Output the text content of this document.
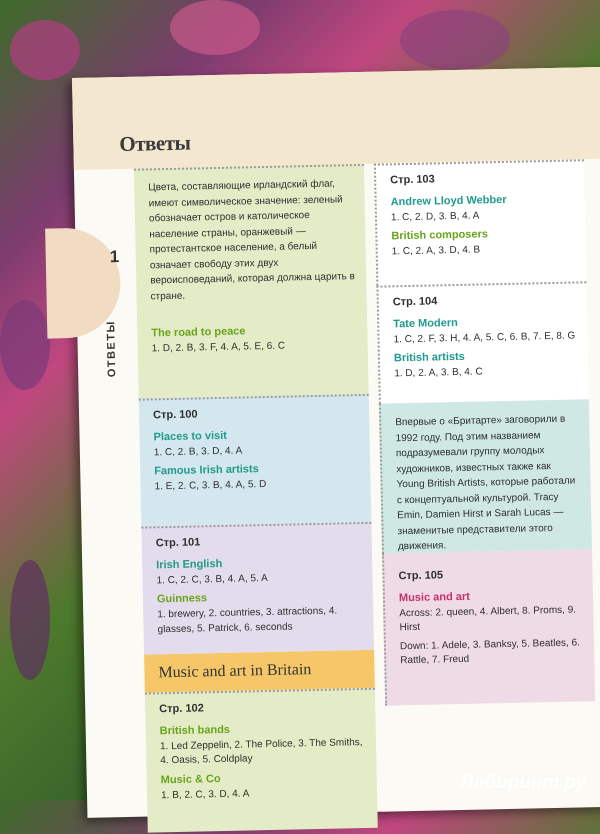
Ответы
1
ОТВЕТЫ
Цвета, составляющие ирландский флаг, имеют символическое значение: зеленый обозначает остров и католическое население страны, оранжевый — протестантское население, а белый означает свободу этих двух вероисповеданий, которая должна царить в стране.
The road to peace
1. D, 2. B, 3. F, 4. A, 5. E, 6. C
Стр. 100
Places to visit
1. C, 2. B, 3. D, 4. A
Famous Irish artists
1. E, 2. C, 3. B, 4. A, 5. D
Стр. 101
Irish English
1. C, 2. C, 3. B, 4. A, 5. A
Guinness
1. brewery, 2. countries, 3. attractions, 4. glasses, 5. Patrick, 6. seconds
Music and art in Britain
Стр. 102
British bands
1. Led Zeppelin, 2. The Police, 3. The Smiths, 4. Oasis, 5. Coldplay
Music & Co
1. B, 2. C, 3. D, 4. A
Стр. 103
Andrew Lloyd Webber
1. C, 2. D, 3. B, 4. A
British composers
1. C, 2. A, 3. D, 4. B
Стр. 104
Tate Modern
1. C, 2. F, 3. H, 4. A, 5. C, 6. B, 7. E, 8. G
British artists
1. D, 2. A, 3. B, 4. C
Впервые о «Бритарте» заговорили в 1992 году. Под этим названием подразумевали группу молодых художников, известных также как Young British Artists, которые работали с концептуальной культурой. Tracy Emin, Damien Hirst и Sarah Lucas — знаменитые представители этого движения.
Стр. 105
Music and art
Across: 2. queen, 4. Albert, 8. Proms, 9. Hirst
Down: 1. Adele, 3. Banksy, 5. Beatles, 6. Rattle, 7. Freud
Лабиринт.ру
